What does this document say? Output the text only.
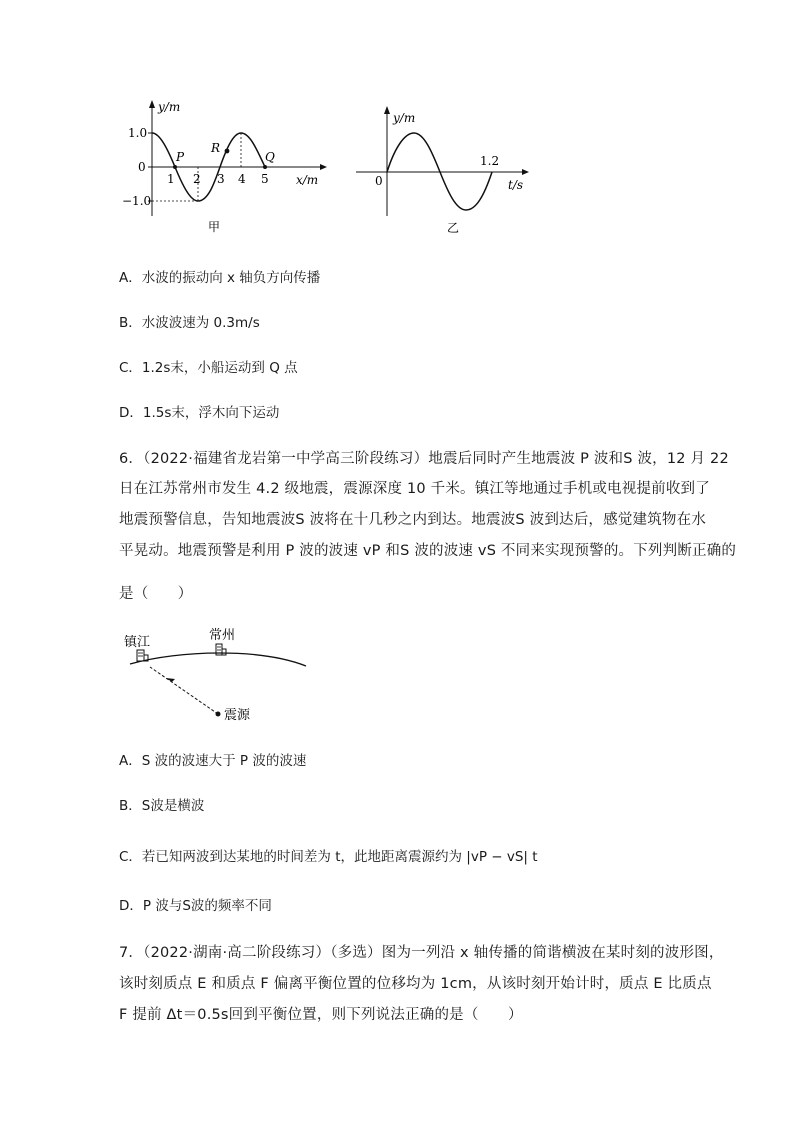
y/m
x/m
1.0
0
−1.0
1 2 3 4 5
P
R
Q
甲
y/m
t/s
0
1.2
乙
A．水波的振动向 x 轴负方向传播
B．水波波速为 0.3m/s
C．1.2s末，小船运动到 Q 点
D．1.5s末，浮木向下运动
6．（2022·福建省龙岩第一中学高三阶段练习）地震后同时产生地震波 P 波和S 波，12 月 22
日在江苏常州市发生 4.2 级地震，震源深度 10 千米。镇江等地通过手机或电视提前收到了
地震预警信息，告知地震波S 波将在十几秒之内到达。地震波S 波到达后，感觉建筑物在水
平晃动。地震预警是利用 P 波的波速 vP 和S 波的波速 vS 不同来实现预警的。下列判断正确的
是（　　）
镇江	常州
震源
A．S 波的波速大于 P 波的波速
B．S波是横波
C．若已知两波到达某地的时间差为 t，此地距离震源约为 |vP − vS| t
D．P 波与S波的频率不同
7．（2022·湖南·高二阶段练习）（多选）图为一列沿 x 轴传播的简谐横波在某时刻的波形图，
该时刻质点 E 和质点 F 偏离平衡位置的位移均为 1cm，从该时刻开始计时，质点 E 比质点
F 提前 Δt＝0.5s回到平衡位置，则下列说法正确的是（　　）
